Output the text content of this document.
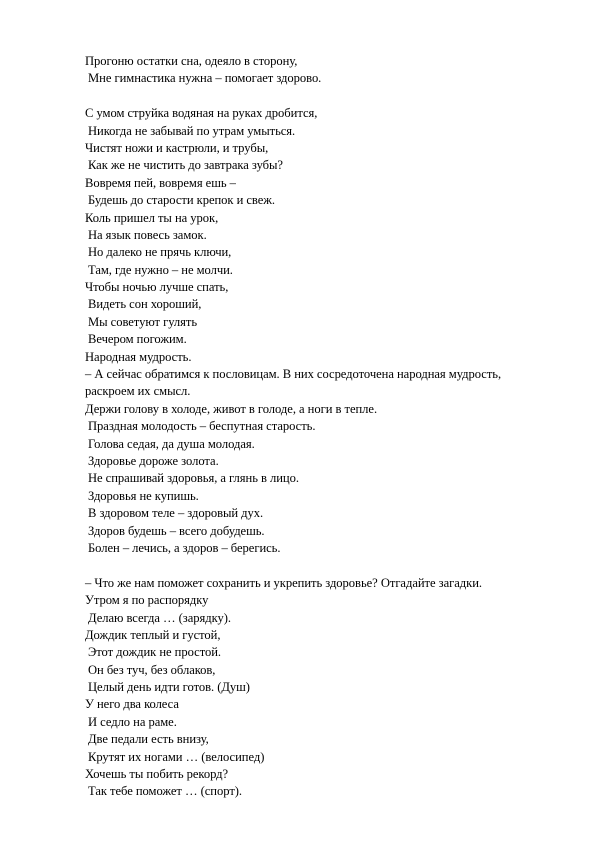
Прогоню остатки сна, одеяло в сторону,
Мне гимнастика нужна – помогает здорово.
С умом струйка водяная на руках дробится,
Никогда не забывай по утрам умыться.
Чистят ножи и кастрюли, и трубы,
Как же не чистить до завтрака зубы?
Вовремя пей, вовремя ешь –
Будешь до старости крепок и свеж.
Коль пришел ты на урок,
На язык повесь замок.
Но далеко не прячь ключи,
Там, где нужно – не молчи.
Чтобы ночью лучше спать,
Видеть сон хороший,
Мы советуют гулять
Вечером погожим.
Народная мудрость.
– А сейчас обратимся к пословицам. В них сосредоточена народная мудрость,
раскроем их смысл.
Держи голову в холоде, живот в голоде, а ноги в тепле.
Праздная молодость – беспутная старость.
Голова седая, да душа молодая.
Здоровье дороже золота.
Не спрашивай здоровья, а глянь в лицо.
Здоровья не купишь.
В здоровом теле – здоровый дух.
Здоров будешь – всего добудешь.
Болен – лечись, а здоров – берегись.
– Что же нам поможет сохранить и укрепить здоровье? Отгадайте загадки.
Утром я по распорядку
Делаю всегда … (зарядку).
Дождик теплый и густой,
Этот дождик не простой.
Он без туч, без облаков,
Целый день идти готов. (Душ)
У него два колеса
И седло на раме.
Две педали есть внизу,
Крутят их ногами … (велосипед)
Хочешь ты побить рекорд?
Так тебе поможет … (спорт).
